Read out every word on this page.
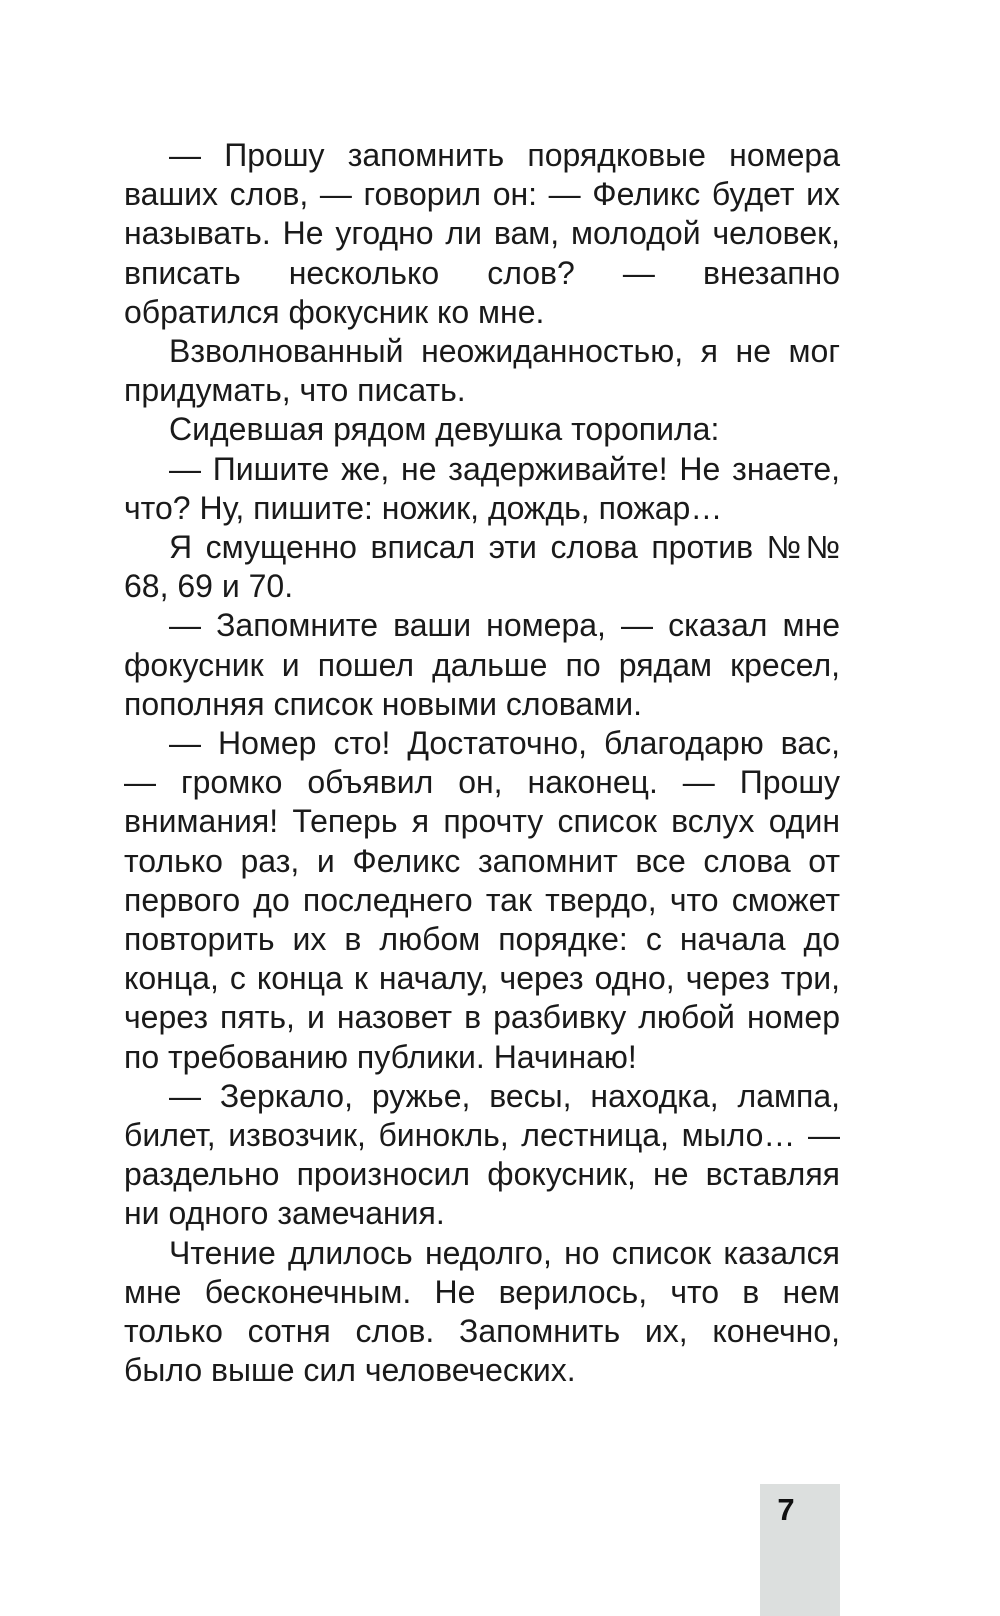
— Прошу запомнить порядковые номера ваших слов, — говорил он: — Феликс будет их называть. Не угодно ли вам, молодой человек, вписать несколько слов? — внезапно обратился фокусник ко мне.

Взволнованный неожиданностью, я не мог придумать, что писать.

Сидевшая рядом девушка торопила:

— Пишите же, не задерживайте! Не знаете, что? Ну, пишите: ножик, дождь, пожар…

Я смущенно вписал эти слова против №№ 68, 69 и 70.

— Запомните ваши номера, — сказал мне фокусник и пошел дальше по рядам кресел, пополняя список новыми словами.

— Номер сто! Достаточно, благодарю вас, — громко объявил он, наконец. — Прошу внимания! Теперь я прочту список вслух один только раз, и Феликс запомнит все слова от первого до последнего так твердо, что сможет повторить их в любом порядке: с начала до конца, с конца к началу, через одно, через три, через пять, и назовет в разбивку любой номер по требованию публики. Начинаю!

— Зеркало, ружье, весы, находка, лампа, билет, извозчик, бинокль, лестница, мыло… — раздельно произносил фокусник, не вставляя ни одного замечания.

Чтение длилось недолго, но список казался мне бесконечным. Не верилось, что в нем только сотня слов. Запомнить их, конечно, было выше сил человеческих.

7
